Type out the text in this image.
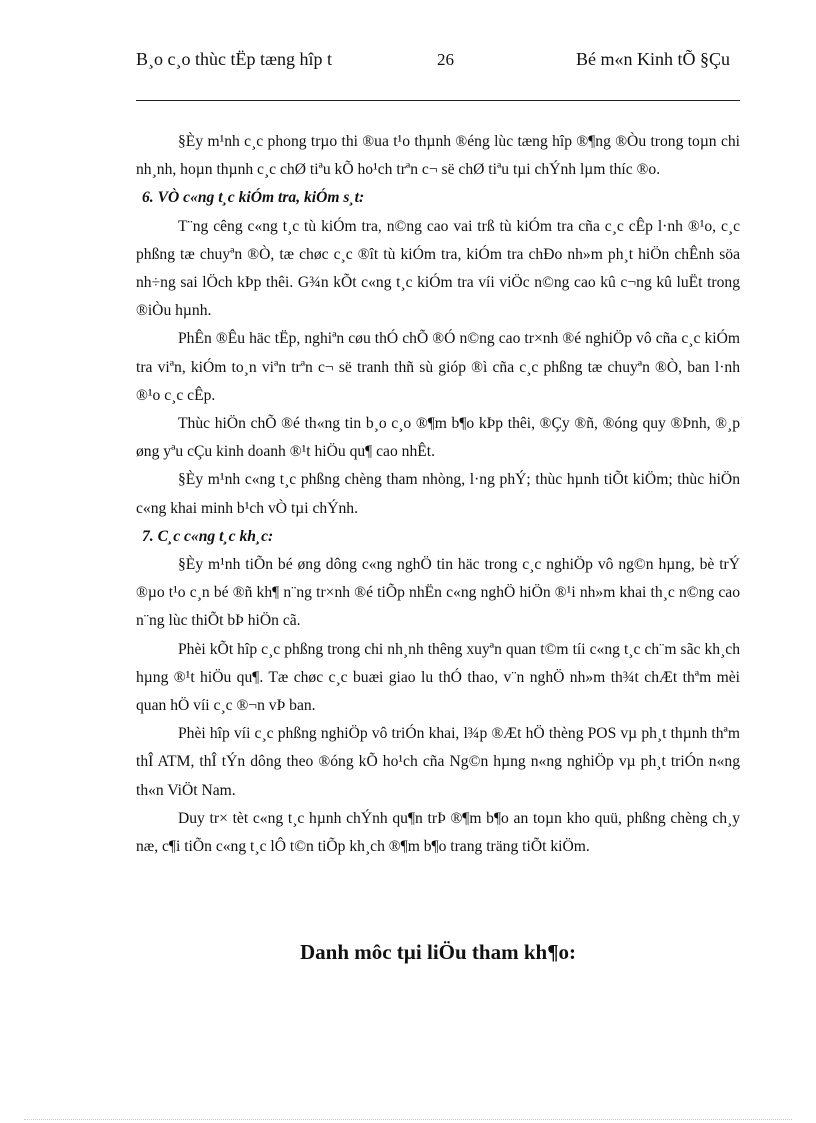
B¸o c¸o thùc tËp tæng hîp t	26	Bé m«n Kinh tÕ §Çu

§Èy m¹nh c¸c phong trµo thi ®ua t¹o thµnh ®éng lùc tæng hîp ®¶ng ®Òu trong toµn chi nh¸nh, hoµn thµnh c¸c chØ tiªu kÕ ho¹ch trªn c¬ së chØ tiªu tµi chÝnh lµm thíc ®o.

6. VÒ c«ng t¸c kiÓm tra, kiÓm s¸t:

T¨ng cêng c«ng t¸c tù kiÓm tra, n©ng cao vai trß tù kiÓm tra cña c¸c cÊp l·nh ®¹o, c¸c phßng tæ chuyªn ®Ò, tæ chøc c¸c ®ît tù kiÓm tra, kiÓm tra chÐo nh»m ph¸t hiÖn chÊnh söa nh÷ng sai lÖch kÞp thêi. G¾n kÕt c«ng t¸c kiÓm tra víi viÖc n©ng cao kû c¬ng kû luËt trong ®iÒu hµnh.

PhÊn ®Êu häc tËp, nghiªn cøu thÓ chÕ ®Ó n©ng cao tr×nh ®é nghiÖp vô cña c¸c kiÓm tra viªn, kiÓm to¸n viªn trªn c¬ së tranh thñ sù gióp ®ì cña c¸c phßng tæ chuyªn ®Ò, ban l·nh ®¹o c¸c cÊp.

Thùc hiÖn chÕ ®é th«ng tin b¸o c¸o ®¶m b¶o kÞp thêi, ®Çy ®ñ, ®óng quy ®Þnh, ®¸p øng yªu cÇu kinh doanh ®¹t hiÖu qu¶ cao nhÊt.

§Èy m¹nh c«ng t¸c phßng chèng tham nhòng, l·ng phÝ; thùc hµnh tiÕt kiÖm; thùc hiÖn c«ng khai minh b¹ch vÒ tµi chÝnh.

7. C¸c c«ng t¸c kh¸c:

§Èy m¹nh tiÕn bé øng dông c«ng nghÖ tin häc trong c¸c nghiÖp vô ng©n hµng, bè trÝ ®µo t¹o c¸n bé ®ñ kh¶ n¨ng tr×nh ®é tiÕp nhËn c«ng nghÖ hiÖn ®¹i nh»m khai th¸c n©ng cao n¨ng lùc thiÕt bÞ hiÖn cã.

Phèi kÕt hîp c¸c phßng trong chi nh¸nh thêng xuyªn quan t©m tíi c«ng t¸c ch¨m sãc kh¸ch hµng ®¹t hiÖu qu¶. Tæ chøc c¸c buæi giao lu thÓ thao, v¨n nghÖ nh»m th¾t chÆt thªm mèi quan hÖ víi c¸c ®¬n vÞ ban.

Phèi hîp víi c¸c phßng nghiÖp vô triÓn khai, l¾p ®Æt hÖ thèng POS vµ ph¸t thµnh thªm thÎ ATM, thÎ tÝn dông theo ®óng kÕ ho¹ch cña Ng©n hµng n«ng nghiÖp vµ ph¸t triÓn n«ng th«n ViÖt Nam.

Duy tr× tèt c«ng t¸c hµnh chÝnh qu¶n trÞ ®¶m b¶o an toµn kho quü, phßng chèng ch¸y næ, c¶i tiÕn c«ng t¸c lÔ t©n tiÕp kh¸ch ®¶m b¶o trang träng tiÕt kiÖm.

Danh môc tµi liÖu tham kh¶o:
